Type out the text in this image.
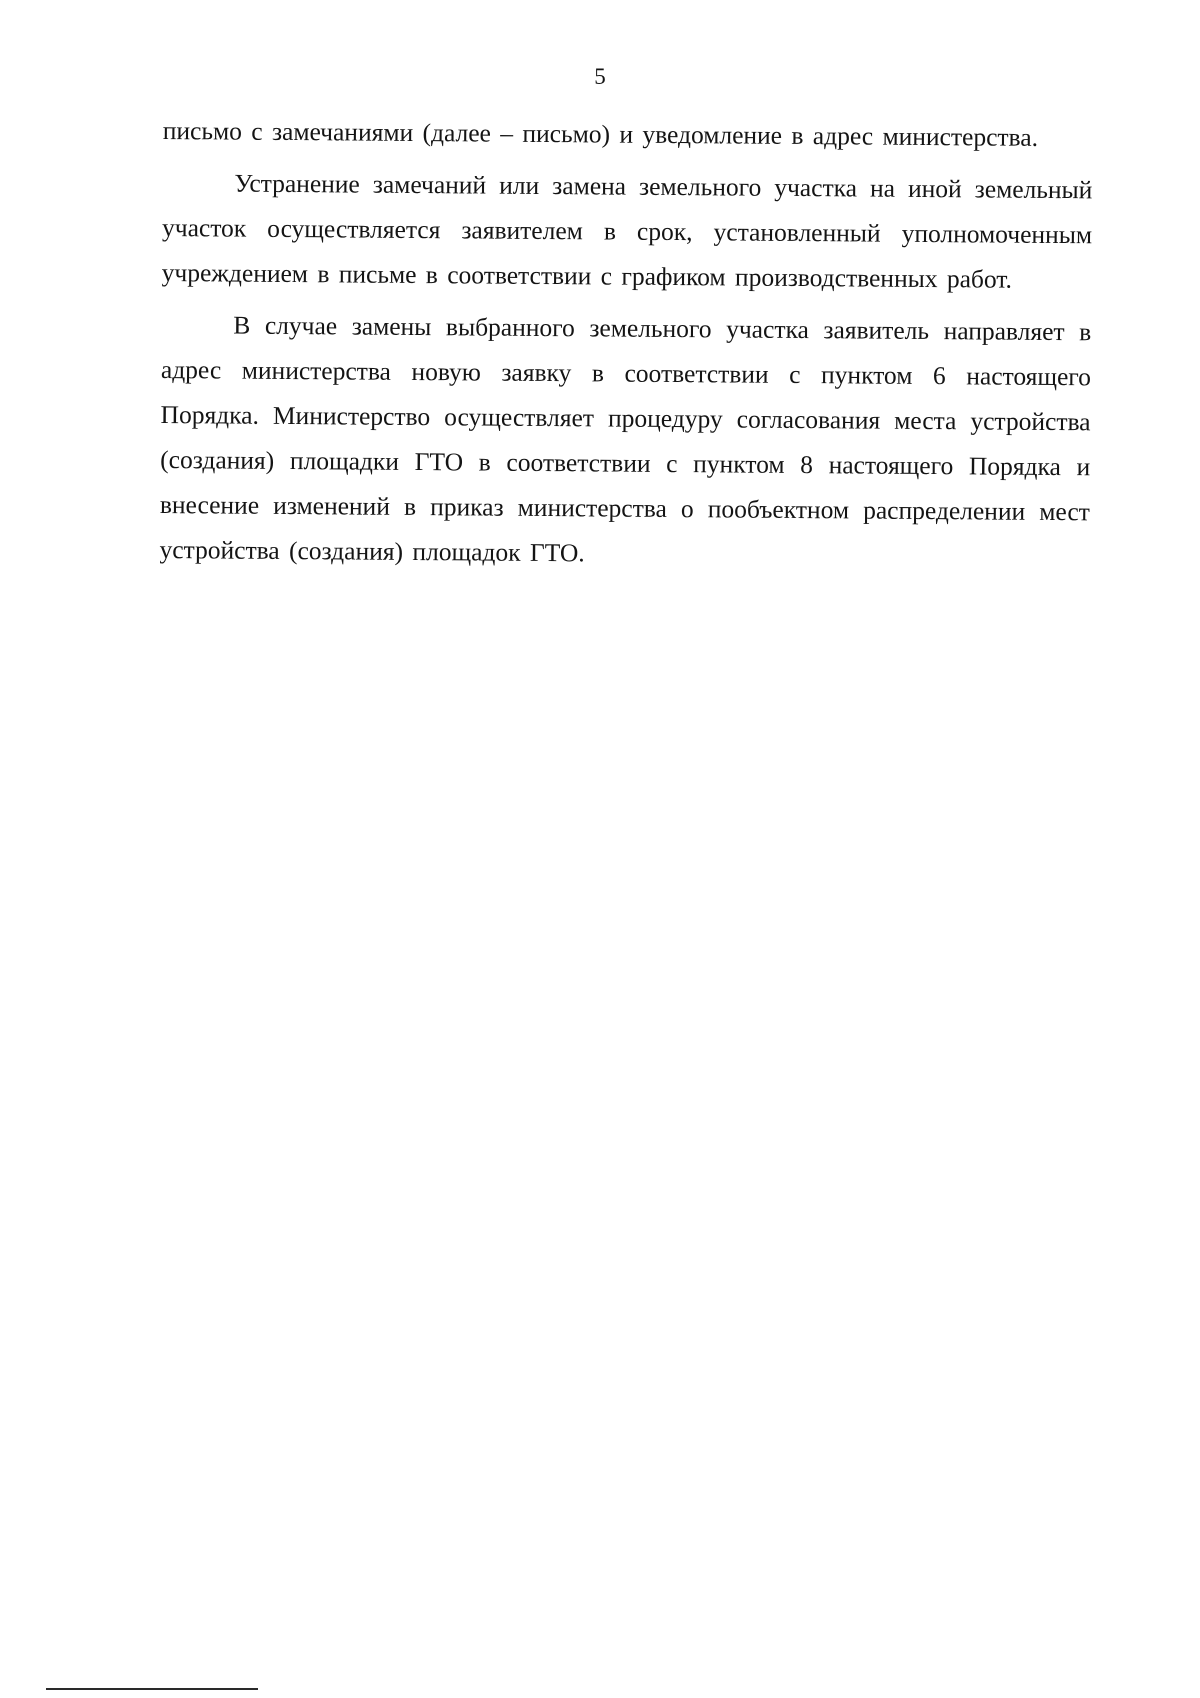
5

письмо с замечаниями (далее – письмо) и уведомление в адрес министерства.

Устранение замечаний или замена земельного участка на иной земельный участок осуществляется заявителем в срок, установленный уполномоченным учреждением в письме в соответствии с графиком производственных работ.

В случае замены выбранного земельного участка заявитель направляет в адрес министерства новую заявку в соответствии с пунктом 6 настоящего Порядка. Министерство осуществляет процедуру согласования места устройства (создания) площадки ГТО в соответствии с пунктом 8 настоящего Порядка и внесение изменений в приказ министерства о пообъектном распределении мест устройства (создания) площадок ГТО.
